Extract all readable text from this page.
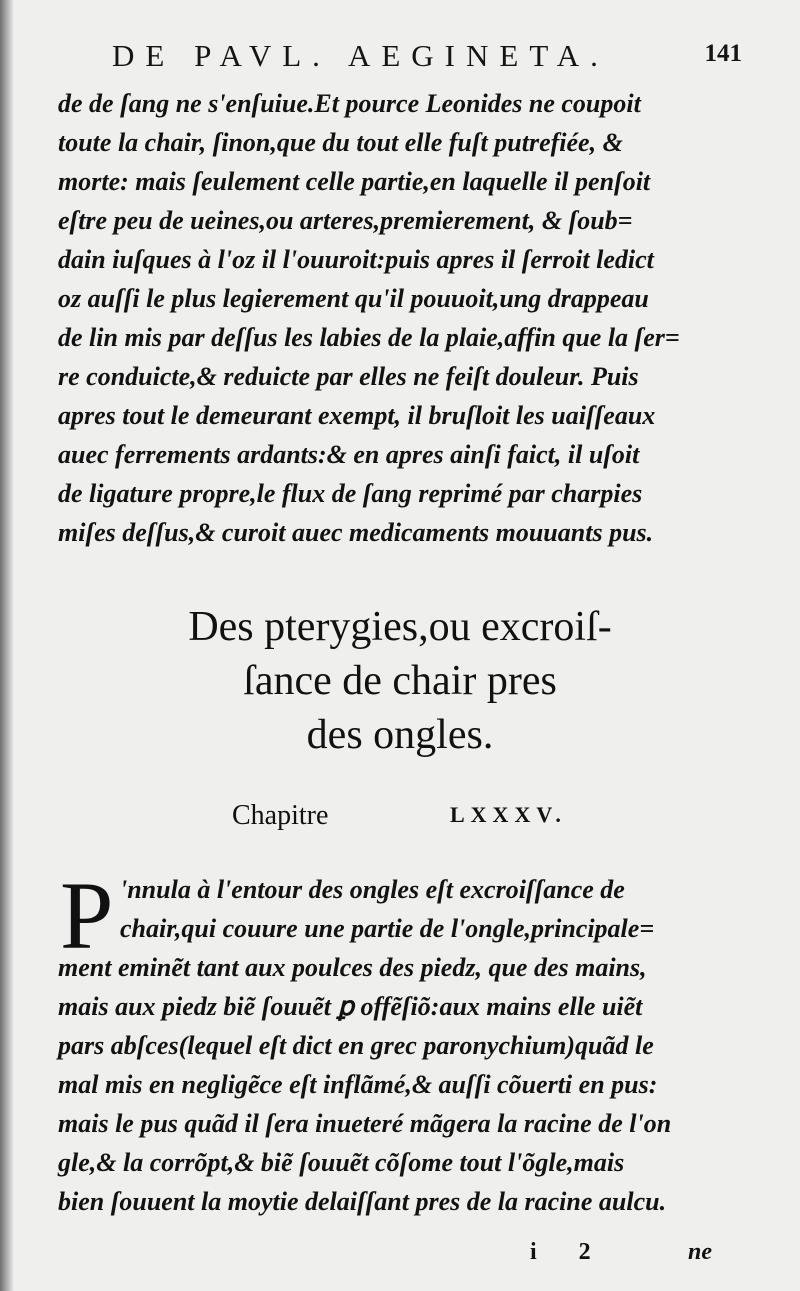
DE PAVL. AEGINETA.	141
de de ſang ne s'enſuiue.Et pource Leonides ne coupoit
toute la chair, ſinon,que du tout elle fuſt putrefiée, &
morte: mais ſeulement celle partie,en laquelle il penſoit
eſtre peu de ueines,ou arteres,premierement, & ſoub=
dain iuſques à l'oz il l'ouuroit:puis apres il ſerroit ledict
oz auſſi le plus legierement qu'il pouuoit,ung drappeau
de lin mis par deſſus les labies de la plaie,affin que la ſer=
re conduicte,& reduicte par elles ne feiſt douleur. Puis
apres tout le demeurant exempt, il bruſloit les uaiſſeaux
auec ferrements ardants:& en apres ainſi faict, il uſoit
de ligature propre,le flux de ſang reprimé par charpies
miſes deſſus,& curoit auec medicaments mouuants pus.
Des pterygies,ou excroiſ-
ſance de chair pres
des ongles.
Chapitre	LXXXV.
P 'nnula à l'entour des ongles eſt excroiſſance de
chair,qui couure une partie de l'ongle,principale=
ment eminẽt tant aux poulces des piedz, que des mains,
mais aux piedz biẽ ſouuẽt ꝑ offẽſiõ:aux mains elle uiẽt
pars abſces(lequel eſt dict en grec paronychium)quãd le
mal mis en negligẽce eſt inflãmé,& auſſi cõuerti en pus:
mais le pus quãd il ſera inueteré mãgera la racine de l'on
gle,& la corrõpt,& biẽ ſouuẽt cõſome tout l'õgle,mais
bien ſouuent la moytie delaiſſant pres de la racine aulcu.
i 2	ne
